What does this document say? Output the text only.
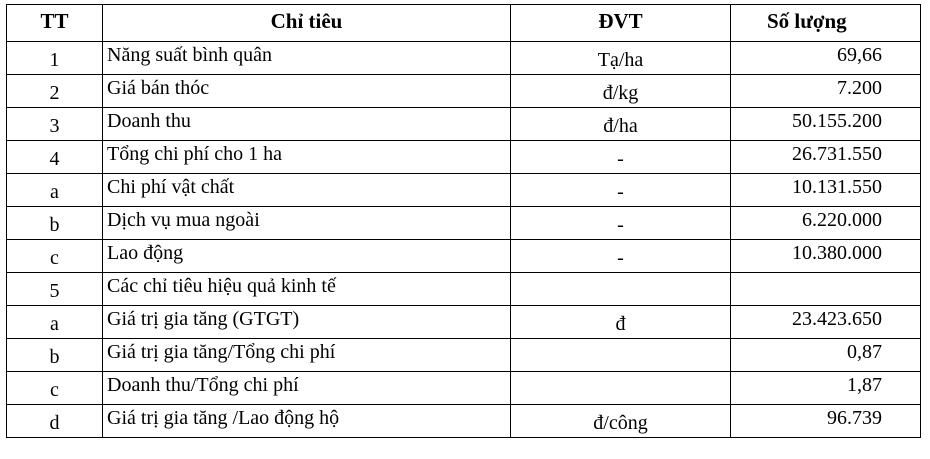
TT	Chỉ tiêu	ĐVT	Số lượng
1	Năng suất bình quân	Tạ/ha	69,66
2	Giá bán thóc	đ/kg	7.200
3	Doanh thu	đ/ha	50.155.200
4	Tổng chi phí cho 1 ha	-	26.731.550
a	Chi phí vật chất	-	10.131.550
b	Dịch vụ mua ngoài	-	6.220.000
c	Lao động	-	10.380.000
5	Các chỉ tiêu hiệu quả kinh tế		
a	Giá trị gia tăng (GTGT)	đ	23.423.650
b	Giá trị gia tăng/Tổng chi phí		0,87
c	Doanh thu/Tổng chi phí		1,87
d	Giá trị gia tăng /Lao động hộ	đ/công	96.739
